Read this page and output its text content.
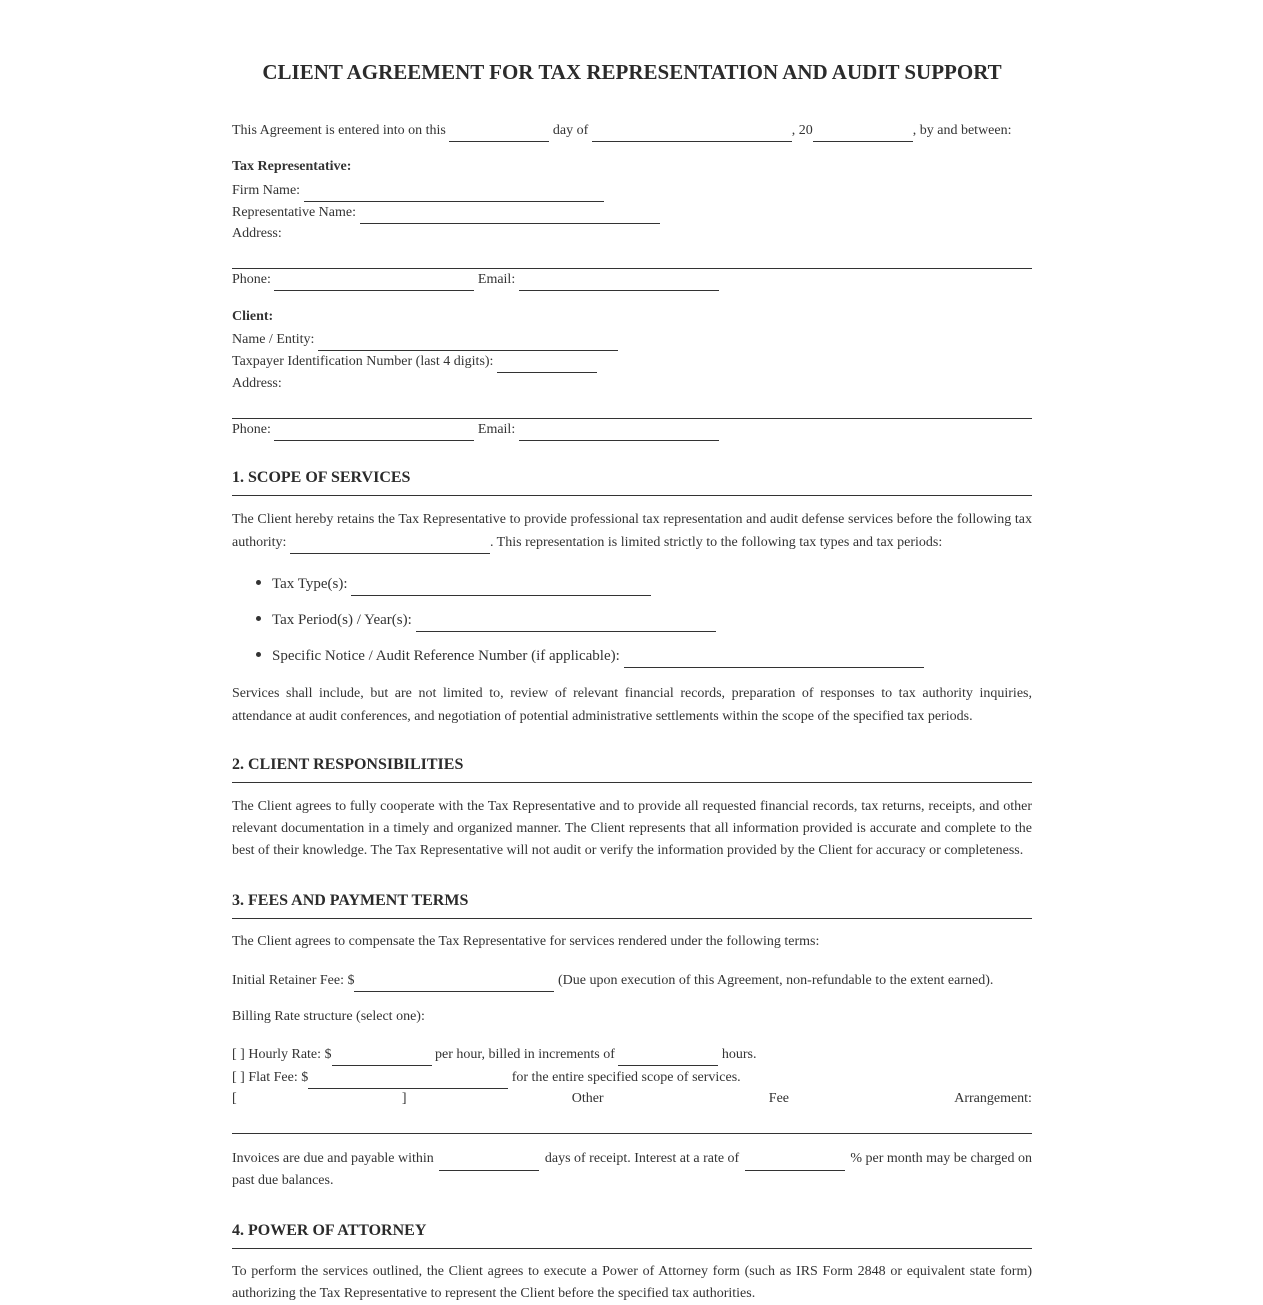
CLIENT AGREEMENT FOR TAX REPRESENTATION AND AUDIT SUPPORT
This Agreement is entered into on this	day of	, 20	, by and between:
Tax Representative:
Firm Name:
Representative Name:
Address:
Phone:	Email:
Client:
Name / Entity:
Taxpayer Identification Number (last 4 digits):
Address:
Phone:	Email:
1. SCOPE OF SERVICES
The Client hereby retains the Tax Representative to provide professional tax representation and audit defense services before the following tax authority:	. This representation is limited strictly to the following tax types and tax periods:
Tax Type(s):
Tax Period(s) / Year(s):
Specific Notice / Audit Reference Number (if applicable):
Services shall include, but are not limited to, review of relevant financial records, preparation of responses to tax authority inquiries, attendance at audit conferences, and negotiation of potential administrative settlements within the scope of the specified tax periods.
2. CLIENT RESPONSIBILITIES
The Client agrees to fully cooperate with the Tax Representative and to provide all requested financial records, tax returns, receipts, and other relevant documentation in a timely and organized manner. The Client represents that all information provided is accurate and complete to the best of their knowledge. The Tax Representative will not audit or verify the information provided by the Client for accuracy or completeness.
3. FEES AND PAYMENT TERMS
The Client agrees to compensate the Tax Representative for services rendered under the following terms:
Initial Retainer Fee: $	(Due upon execution of this Agreement, non-refundable to the extent earned).
Billing Rate structure (select one):
[ ] Hourly Rate: $	per hour, billed in increments of	hours.
[ ] Flat Fee: $	for the entire specified scope of services.
[	]	Other	Fee	Arrangement:
Invoices are due and payable within	days of receipt. Interest at a rate of	% per month may be charged on
past due balances.
4. POWER OF ATTORNEY
To perform the services outlined, the Client agrees to execute a Power of Attorney form (such as IRS Form 2848 or equivalent state form) authorizing the Tax Representative to represent the Client before the specified tax authorities.
